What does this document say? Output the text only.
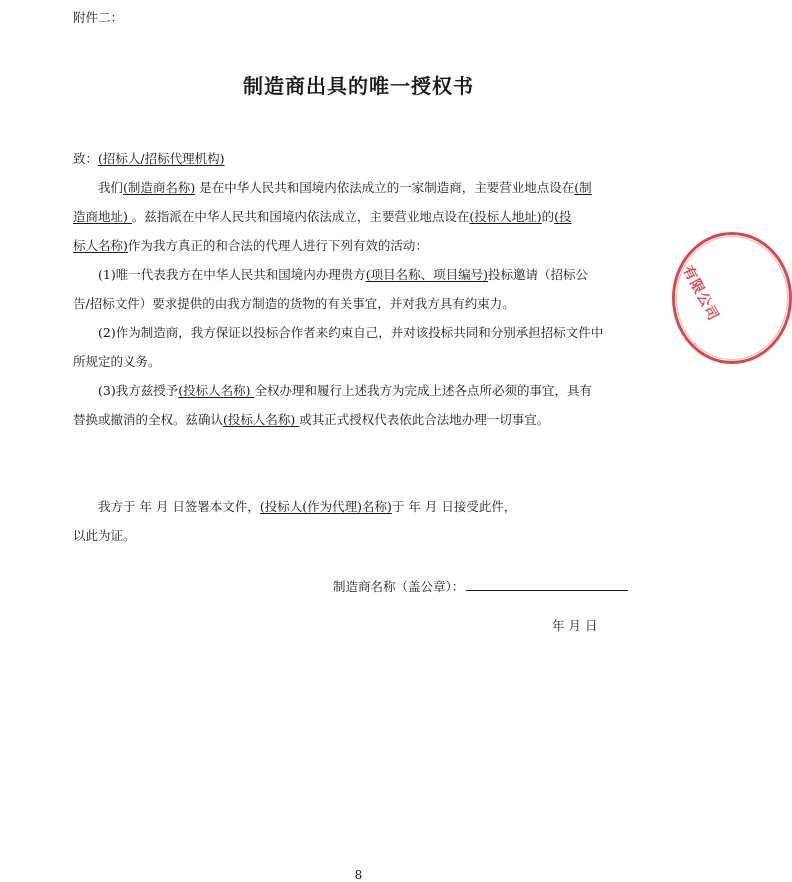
附件二：
制造商出具的唯一授权书
致：(招标人/招标代理机构)
我们(制造商名称) 是在中华人民共和国境内依法成立的一家制造商，主要营业地点设在(制
造商地址) 。兹指派在中华人民共和国境内依法成立，主要营业地点设在(投标人地址)的(投
标人名称)作为我方真正的和合法的代理人进行下列有效的活动：
(1)唯一代表我方在中华人民共和国境内办理贵方(项目名称、项目编号)投标邀请（招标公
告/招标文件）要求提供的由我方制造的货物的有关事宜，并对我方具有约束力。
(2)作为制造商，我方保证以投标合作者来约束自己，并对该投标共同和分别承担招标文件中
所规定的义务。
(3)我方兹授予(投标人名称) 全权办理和履行上述我方为完成上述各点所必须的事宜，具有
替换或撤消的全权。兹确认(投标人名称) 或其正式授权代表依此合法地办理一切事宜。
我方于 年 月 日签署本文件，(投标人(作为代理)名称)于 年 月 日接受此件，
以此为证。
制造商名称（盖公章）：
年 月 日
有限公司
8
